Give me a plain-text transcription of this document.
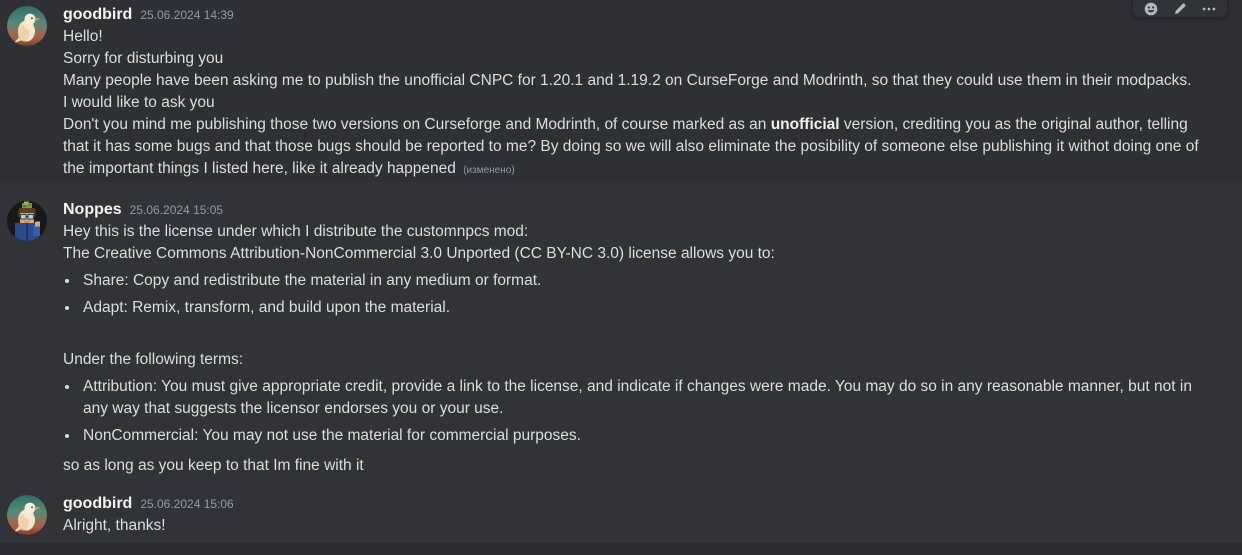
goodbird 25.06.2024 14:39
Hello!
Sorry for disturbing you
Many people have been asking me to publish the unofficial CNPC for 1.20.1 and 1.19.2 on CurseForge and Modrinth, so that they could use them in their modpacks.
I would like to ask you
Don't you mind me publishing those two versions on Curseforge and Modrinth, of course marked as an unofficial version, crediting you as the original author, telling
that it has some bugs and that those bugs should be reported to me? By doing so we will also eliminate the posibility of someone else publishing it withot doing one of
the important things I listed here, like it already happened (изменено)
Noppes 25.06.2024 15:05
Hey this is the license under which I distribute the customnpcs mod:
The Creative Commons Attribution-NonCommercial 3.0 Unported (CC BY-NC 3.0) license allows you to:
• Share: Copy and redistribute the material in any medium or format.
• Adapt: Remix, transform, and build upon the material.
Under the following terms:
• Attribution: You must give appropriate credit, provide a link to the license, and indicate if changes were made. You may do so in any reasonable manner, but not in
any way that suggests the licensor endorses you or your use.
• NonCommercial: You may not use the material for commercial purposes.
so as long as you keep to that Im fine with it
goodbird 25.06.2024 15:06
Alright, thanks!
